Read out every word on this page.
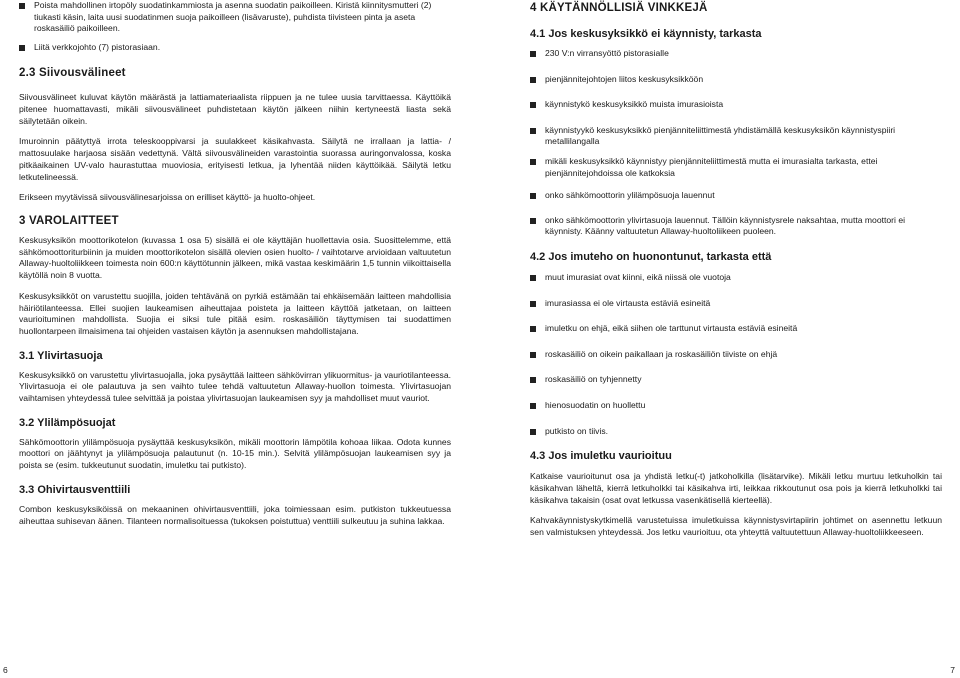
Poista mahdollinen irtopöly suodatinkammiosta ja asenna suodatin paikoilleen. Kiristä kiinnitysmutteri (2) tiukasti käsin, laita uusi suodatinmen suoja paikoilleen (lisävaruste), puhdista tiivisteen pinta ja aseta roskasäiliö paikoilleen.
Liitä verkkojohto (7) pistorasiaan.
2.3 Siivousvälineet

Siivousvälineet kuluvat käytön määrästä ja lattiamateriaalista riippuen ja ne tulee uusia tarvittaessa. Käyttöikä pitenee huomattavasti, mikäli siivousvälineet puhdistetaan käytön jälkeen niihin kertyneestä liasta sekä säilytetään oikein.

Imuroinnin päätyttyä irrota teleskooppivarsi ja suulakkeet käsikahvasta. Säilytä ne irrallaan ja lattia- / mattosuulake harjaosa sisään vedettynä. Vältä siivousvälineiden varastointia suorassa auringonvalossa, koska pitkäaikainen UV-valo haurastuttaa muoviosia, erityisesti letkua, ja lyhentää niiden käyttöikää. Säilytä letku letkutelineessä.

Erikseen myytävissä siivousvälinesarjoissa on erilliset käyttö- ja huolto-ohjeet.

3 VAROLAITTEET

Keskusyksikön moottorikotelon (kuvassa 1 osa 5) sisällä ei ole käyttäjän huollettavia osia. Suosittelemme, että sähkömoottoriturbiinin ja muiden moottorikotelon sisällä olevien osien huolto- / vaihtotarve arvioidaan valtuutetun Allaway-huoltoliikkeen toimesta noin 600:n käyttötunnin jälkeen, mikä vastaa keskimäärin 1,5 tunnin viikoittaisella käytöllä noin 8 vuotta.

Keskusyksikköt on varustettu suojilla, joiden tehtävänä on pyrkiä estämään tai ehkäisemään laitteen mahdollisia häiriötilanteessa. Ellei suojien laukeamisen aiheuttajaa poisteta ja laitteen käyttöä jatketaan, on laitteen vaurioituminen mahdollista. Suojia ei siksi tule pitää esim. roskasäiliön täyttymisen tai suodattimen huollontarpeen ilmaisimena tai ohjeiden vastaisen käytön ja asennuksen mahdollistajana.

3.1 Ylivirtasuoja

Keskusyksikkö on varustettu ylivirtasuojalla, joka pysäyttää laitteen sähkövirran ylikuormitus- ja vauriotilanteessa. Ylivirtasuoja ei ole palautuva ja sen vaihto tulee tehdä valtuutetun Allaway-huollon toimesta. Ylivirtasuojan vaihtamisen yhteydessä tulee selvittää ja poistaa ylivirtasuojan laukeamisen syy ja mahdolliset muut vauriot.

3.2 Ylilämpösuojat

Sähkömoottorin ylilämpösuoja pysäyttää keskusyksikön, mikäli moottorin lämpötila kohoaa liikaa. Odota kunnes moottori on jäähtynyt ja ylilämpösuoja palautunut (n. 10-15 min.). Selvitä ylilämpösuojan laukeamisen syy ja poista se (esim. tukkeutunut suodatin, imuletku tai putkisto).

3.3 Ohivirtausventtiili

Combon keskusyksiköissä on mekaaninen ohivirtausventtiili, joka toimiessaan esim. putkiston tukkeutuessa aiheuttaa suhisevan äänen. Tilanteen normalisoituessa (tukoksen poistuttua) venttiili sulkeutuu ja suhina lakkaa.

4 KÄYTÄNNÖLLISIÄ VINKKEJÄ
4.1 Jos keskusyksikkö ei käynnisty, tarkasta
230 V:n virransyöttö pistorasialle
pienjännitejohtojen liitos keskusyksikköön
käynnistykö keskusyksikkö muista imurasioista
käynnistyykö keskusyksikkö pienjänniteliittimestä yhdistämällä keskusyksikön käynnistyspiiri metallilangalla
mikäli keskusyksikkö käynnistyy pienjänniteliittimestä mutta ei imurasialta tarkasta, ettei pienjännitejohdoissa ole katkoksia
onko sähkömoottorin ylilämpösuoja lauennut
onko sähkömoottorin ylivirtasuoja lauennut. Tällöin käynnistysrele naksahtaa, mutta moottori ei käynnisty. Käänny valtuutetun Allaway-huoltoliikeen puoleen.
4.2 Jos imuteho on huonontunut, tarkasta että
muut imurasiat ovat kiinni, eikä niissä ole vuotoja
imurasiassa ei ole virtausta estäviä esineitä
imuletku on ehjä, eikä siihen ole tarttunut virtausta estäviä esineitä
roskasäiliö on oikein paikallaan ja roskasäiliön tiiviste on ehjä
roskasäiliö on tyhjennetty
hienosuodatin on huollettu
putkisto on tiivis.
4.3 Jos imuletku vaurioituu

Katkaise vaurioitunut osa ja yhdistä letku(-t) jatkoholkilla (lisätarvike). Mikäli letku murtuu letkuholkin tai käsikahvan läheltä, kierrä letkuholkki tai käsikahva irti, leikkaa rikkoutunut osa pois ja kierrä letkuholkki tai käsikahva takaisin (osat ovat letkussa vasenkätisellä kierteellä).

Kahvakäynnistyskytkimellä varustetuissa imuletkuissa käynnistysvirtapiirin johtimet on asennettu letkuun sen valmistuksen yhteydessä. Jos letku vaurioituu, ota yhteyttä valtuutettuun Allaway-huoltoliikkeeseen.

6	7
